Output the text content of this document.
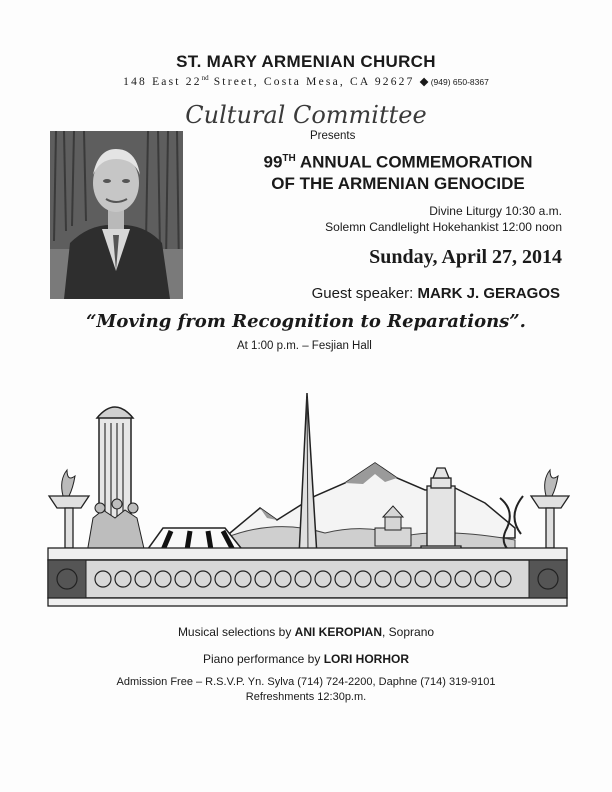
ST. MARY ARMENIAN CHURCH
148 East 22nd Street, Costa Mesa, CA 92627 ◆(949) 650-8367
Cultural Committee
Presents
99TH ANNUAL COMMEMORATION
OF THE ARMENIAN GENOCIDE
Divine Liturgy 10:30 a.m.
Solemn Candlelight Hokehankist 12:00 noon
Sunday, April 27, 2014
Guest speaker: MARK J. GERAGOS
“Moving from Recognition to Reparations”.
At 1:00 p.m. – Fesjian Hall
Musical selections by ANI KEROPIAN, Soprano
Piano performance by LORI HORHOR
Admission Free – R.S.V.P. Yn. Sylva (714) 724-2200, Daphne (714) 319-9101
Refreshments 12:30p.m.
